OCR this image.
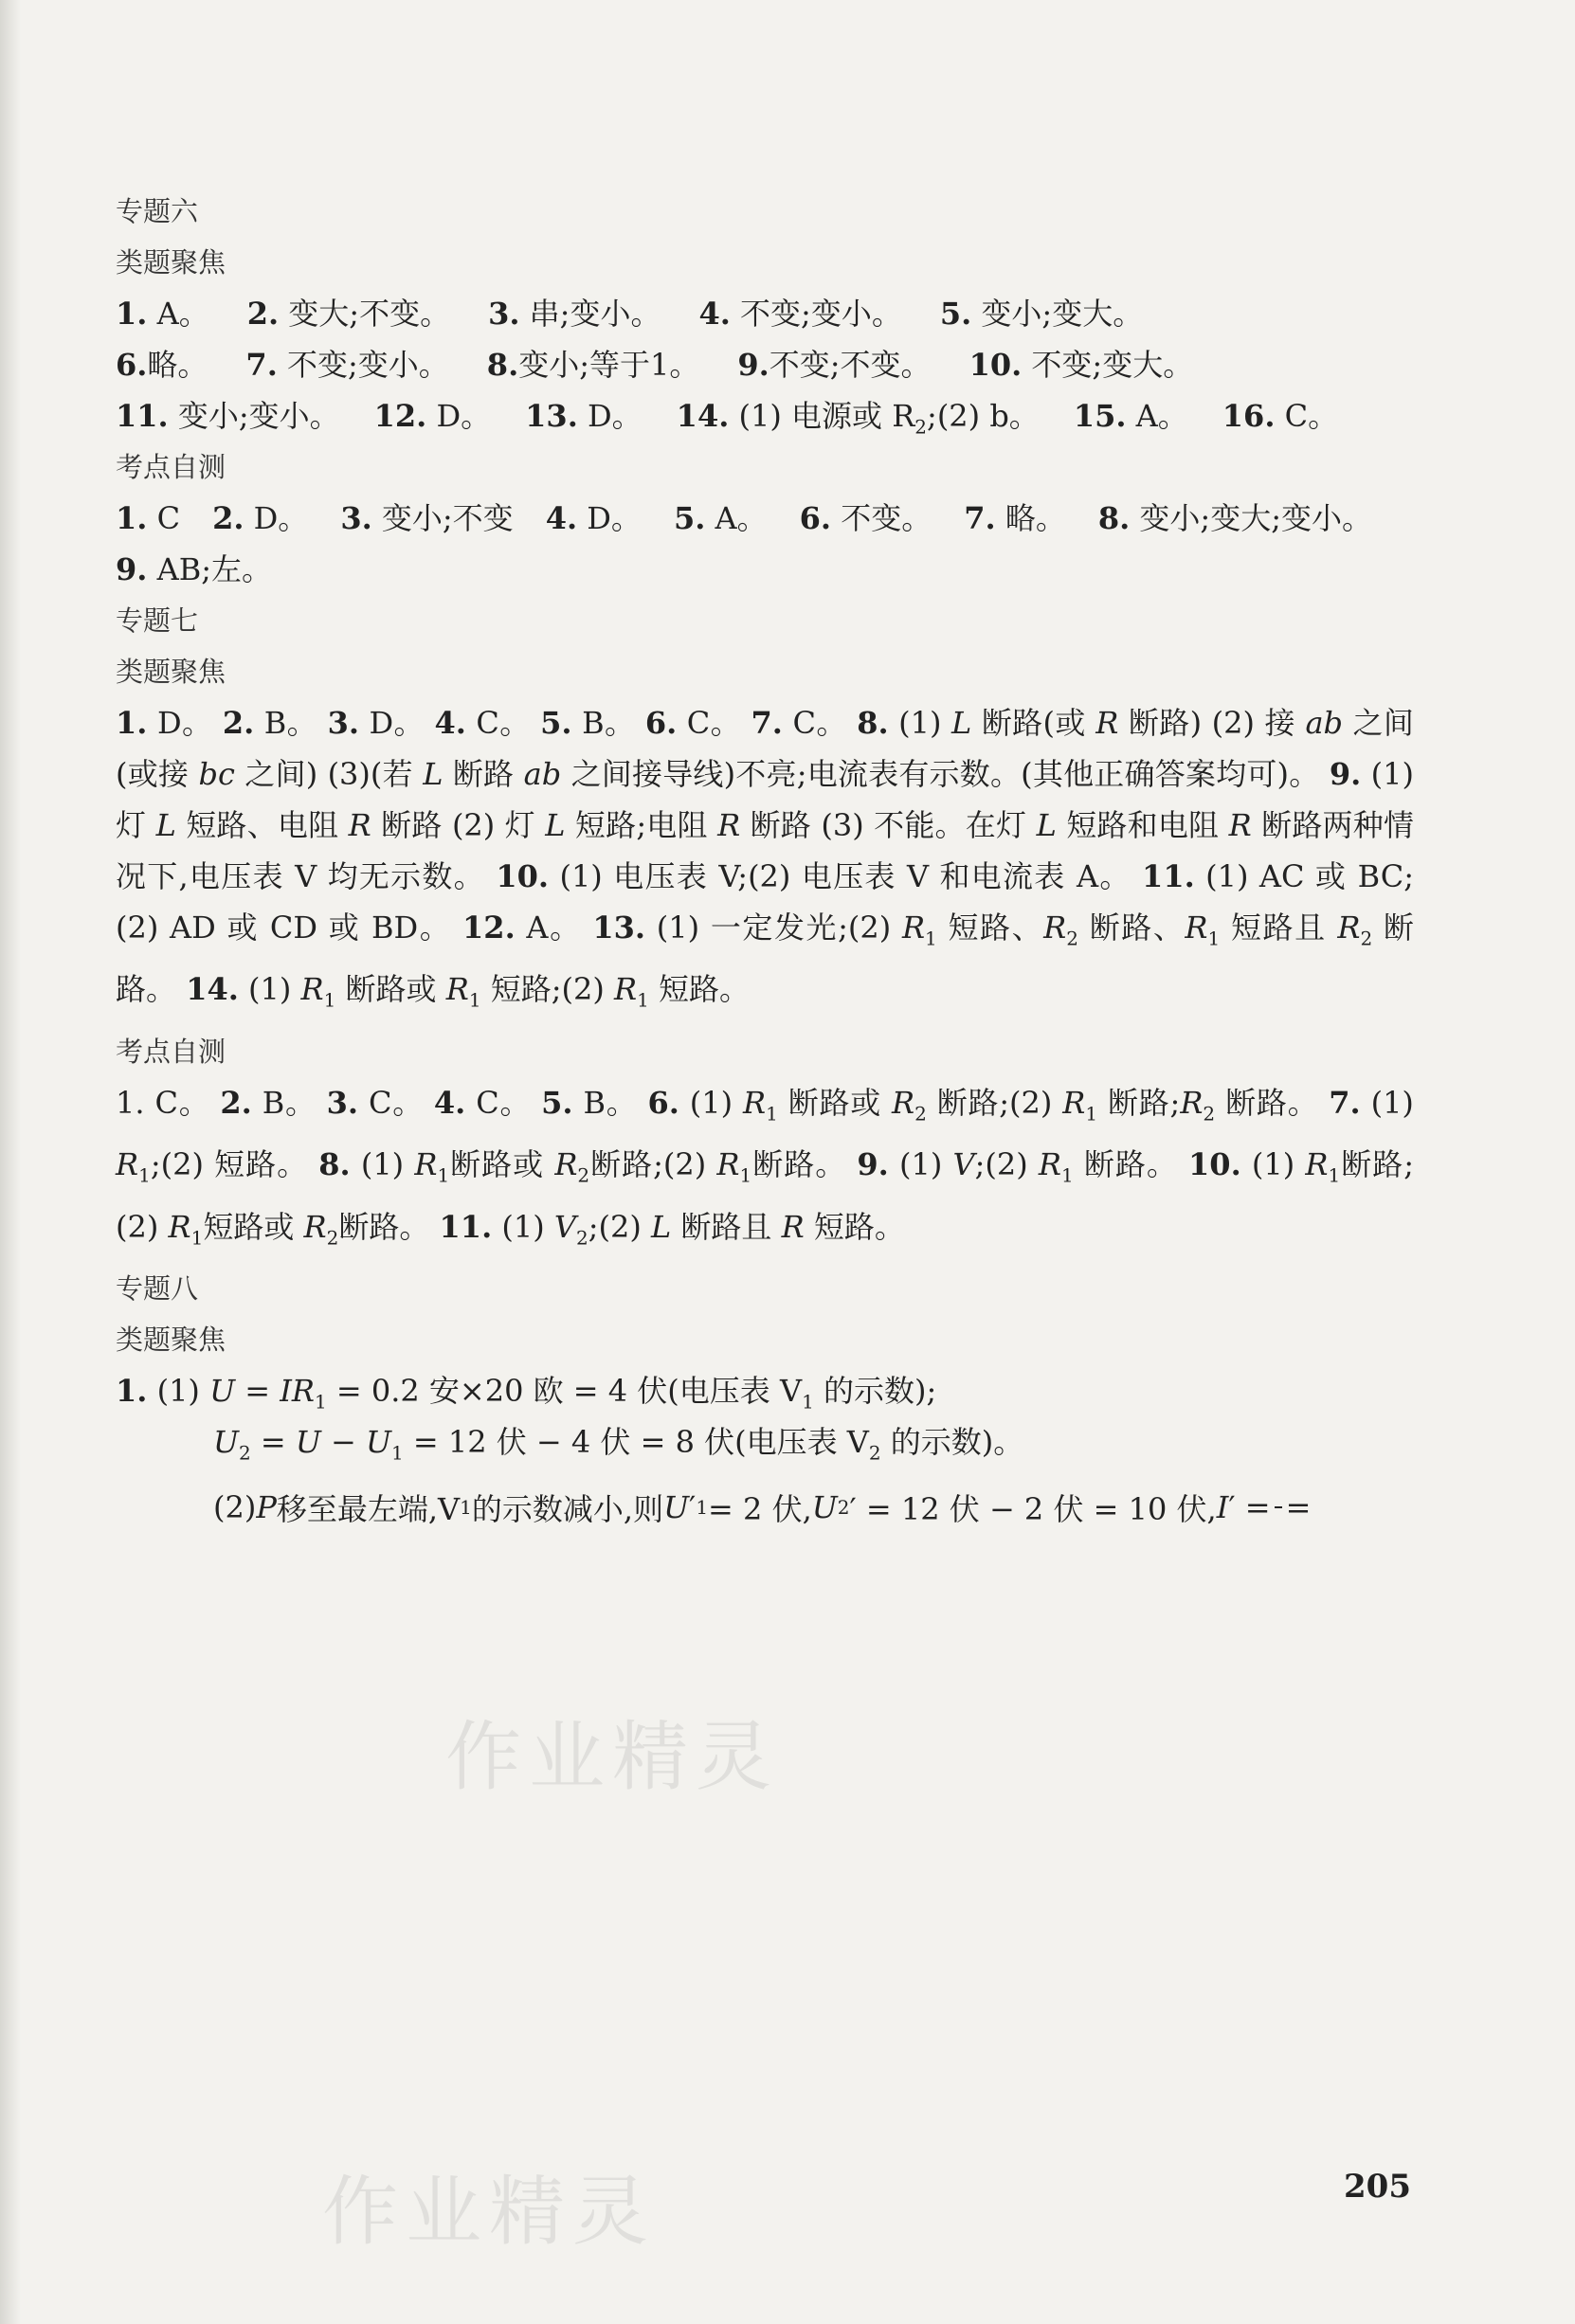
专题六
类题聚焦
1. A。 2. 变大;不变。 3. 串;变小。 4. 不变;变小。 5. 变小;变大。
6.略。 7. 不变;变小。 8.变小;等于1。 9.不变;不变。 10. 不变;变大。
11. 变小;变小。 12. D。 13. D。 14. (1) 电源或 $R_2;(2)$ b。 15. A。 16. C。
考点自测
1. C 2. D。 3. 变小;不变 4. D。 5. A。 6. 不变。 7. 略。 8. 变小;变大;变小。
9. AB;左。
专题七
类题聚焦
1. D。 2. B。 3. D。 4. C。 5. B。 6. C。 7. C。 8. (1) L 断路(或 R 断路) (2) 接 ab 之间(或接 bc 之间) (3)(若 L 断路 ab 之间接导线)不亮;电流表有示数。(其他正确答案均可)。 9. (1) 灯 L 短路、电阻 R 断路 (2) 灯 L 短路;电阻 R 断路 (3) 不能。在灯 L 短路和电阻 R 断路两种情况下,电压表 V 均无示数。 10. (1) 电压表 V;(2) 电压表 V 和电流表 A。 11. (1) AC 或 BC; (2) AD 或 CD 或 BD。 12. A。 13. (1) 一定发光;(2) $R_1$ 短路、$R_2$ 断路、$R_1$ 短路且 $R_2$ 断路。 14. (1) $R_1$ 断路或 $R_1$ 短路;(2) $R_1$ 短路。
考点自测
1. C。 2. B。 3. C。 4. C。 5. B。 6. (1) $R_1$ 断路或 $R_2$ 断路;(2) $R_1$ 断路$;R_2$ 断路。 7. (1) $R_1;(2)$ 短路。 8. (1) $R_1$断路或 $R_2$断路;(2) $R_1$断路。 9. (1) V;(2) $R_1$ 断路。 10. (1) $R_1$断路;(2) $R_1$短路或 $R_2$断路。 11. (1) $V_2;(2)$ L 断路且 R 短路。
专题八
类题聚焦
1. (1) $U = IR_1 = 0.2$ 安×20 欧 = 4 伏(电压表 $V_1$ 的示数);
$U_2 = U - U_1 = 12$ 伏 − 4 伏 = 8 伏(电压表 $V_2$ 的示数)。
(2) P 移至最左端,V 1 的示数减小,则 U ′ 1 = 2 伏, U 2 ′ = 12 伏 − 2 伏 = 10 伏, I ′ = =
作业精灵
作业精灵	205
